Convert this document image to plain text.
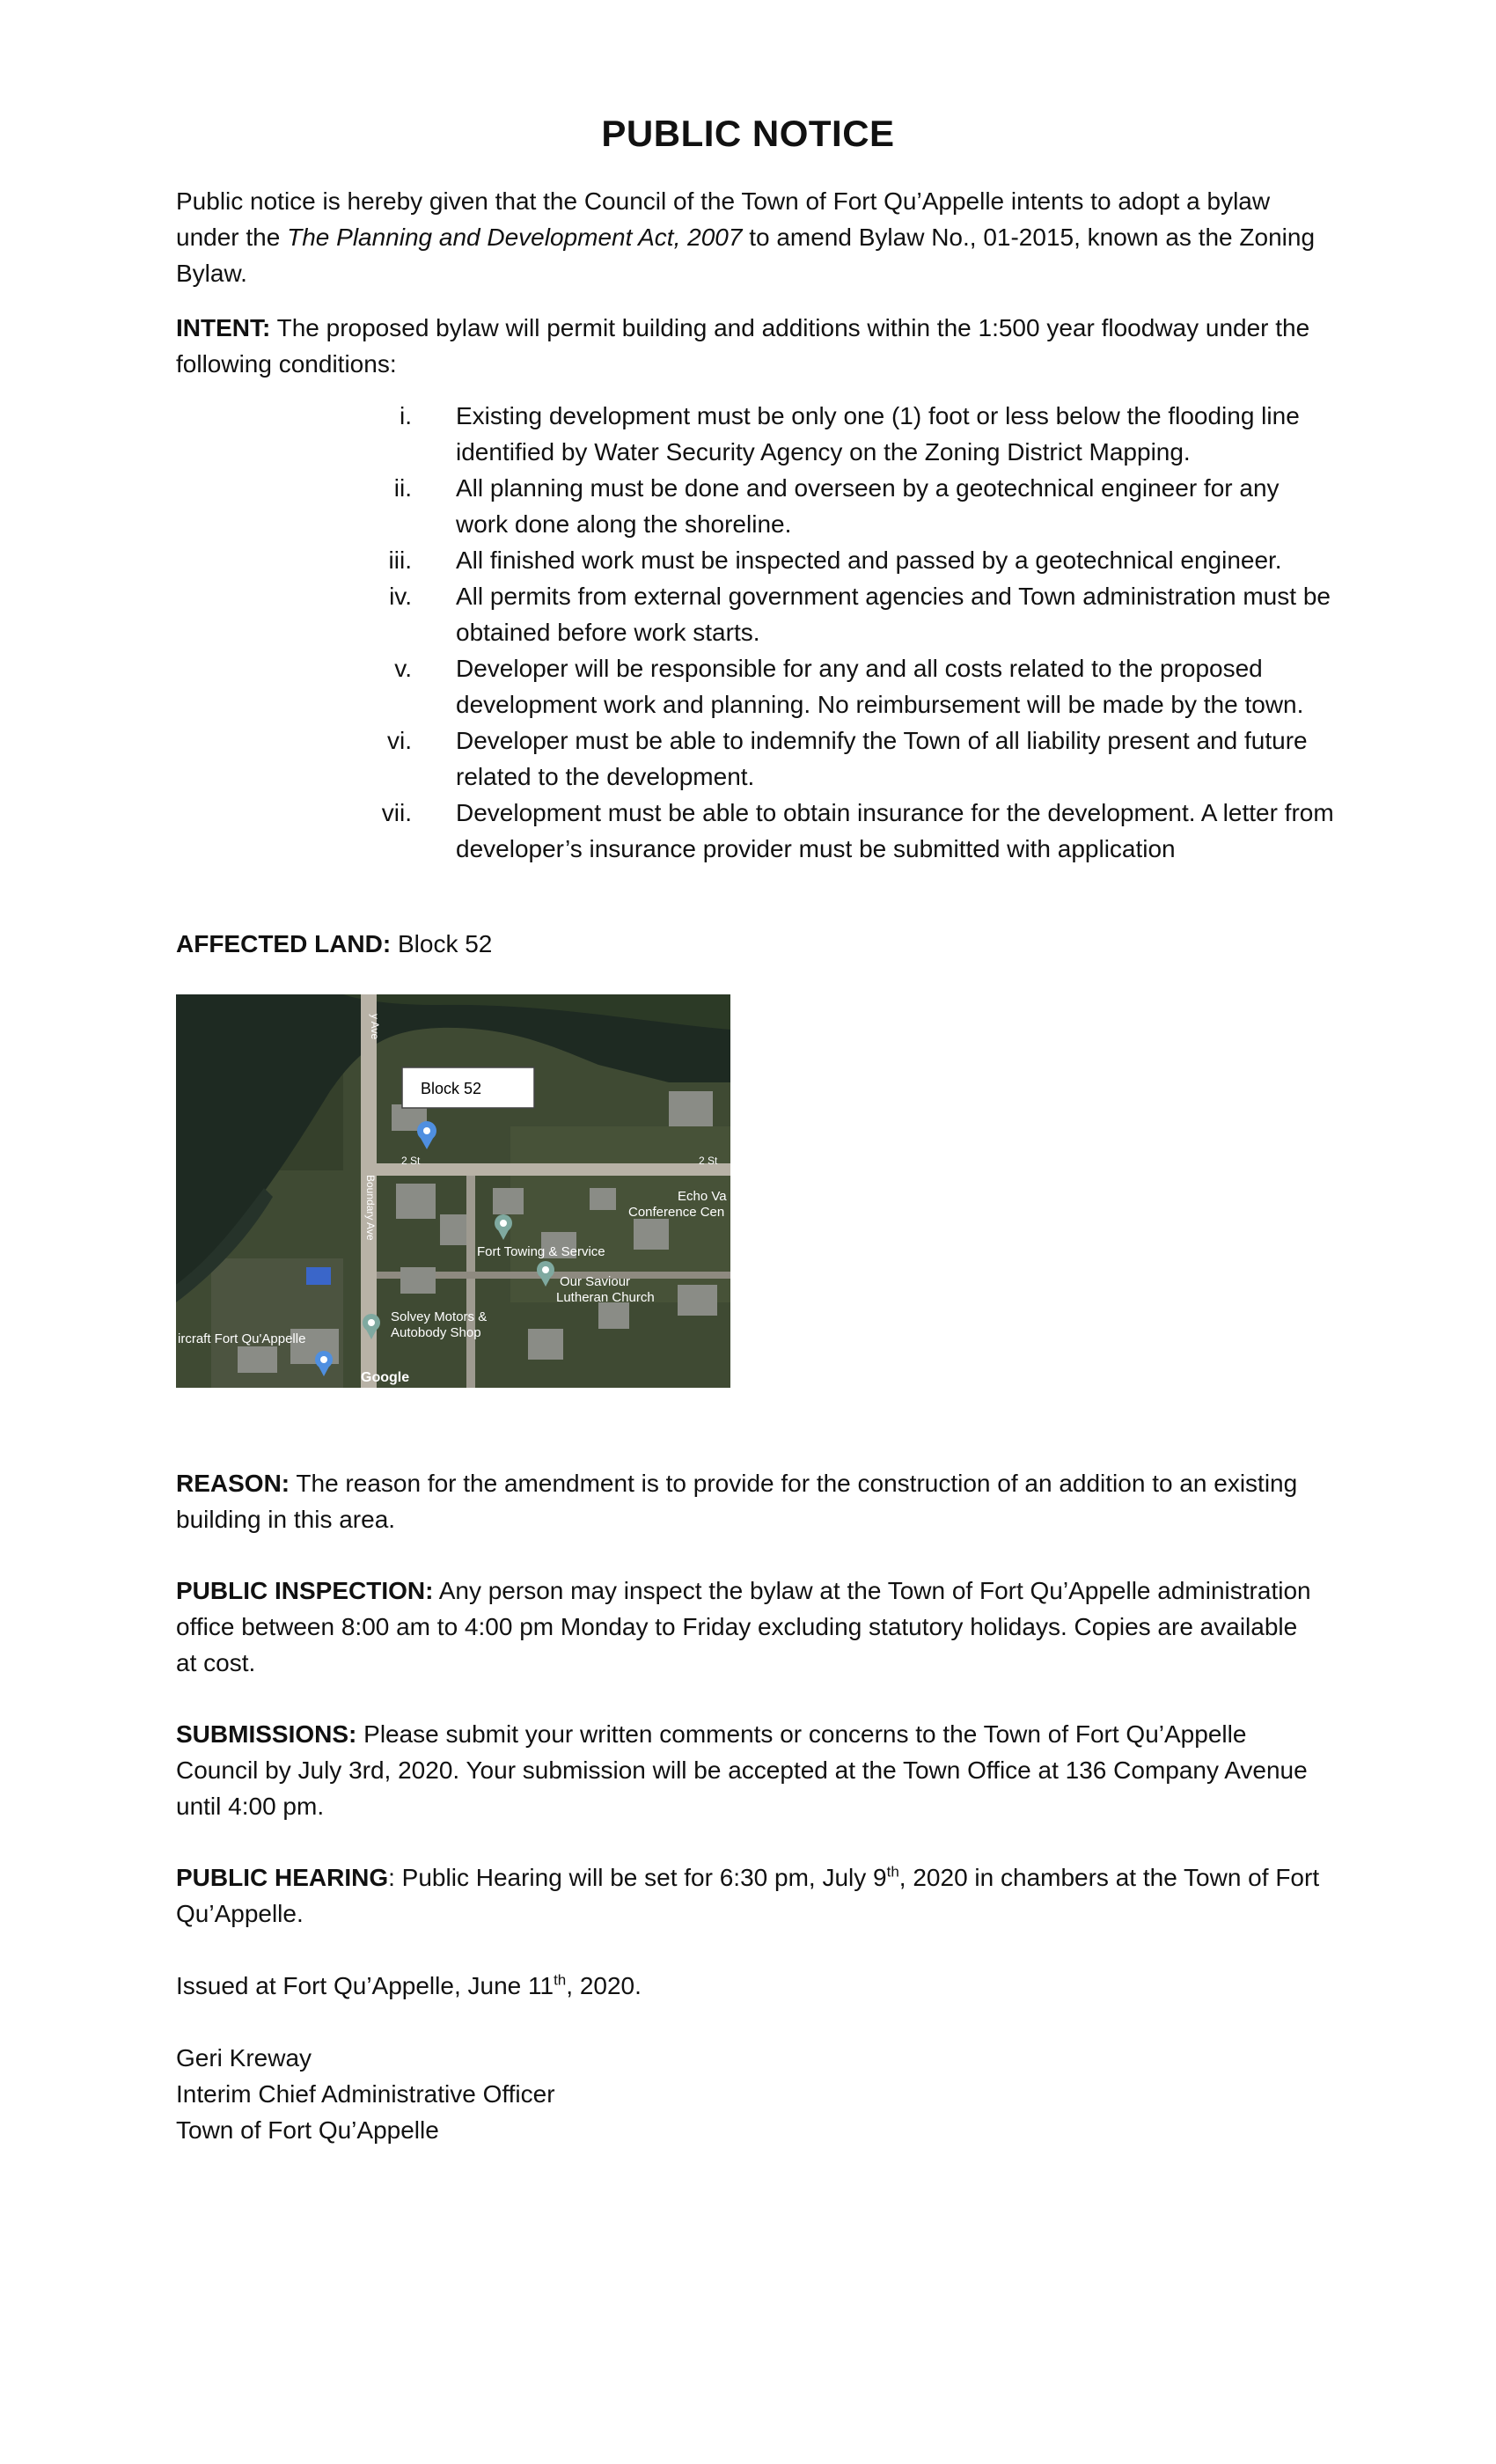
PUBLIC NOTICE

Public notice is hereby given that the Council of the Town of Fort Qu’Appelle intents to adopt a bylaw under the The Planning and Development Act, 2007 to amend Bylaw No., 01-2015, known as the Zoning Bylaw.

INTENT: The proposed bylaw will permit building and additions within the 1:500 year floodway under the following conditions:

i. Existing development must be only one (1) foot or less below the flooding line identified by Water Security Agency on the Zoning District Mapping.
ii. All planning must be done and overseen by a geotechnical engineer for any work done along the shoreline.
iii. All finished work must be inspected and passed by a geotechnical engineer.
iv. All permits from external government agencies and Town administration must be obtained before work starts.
v. Developer will be responsible for any and all costs related to the proposed development work and planning. No reimbursement will be made by the town.
vi. Developer must be able to indemnify the Town of all liability present and future related to the development.
vii. Development must be able to obtain insurance for the development. A letter from developer’s insurance provider must be submitted with application

AFFECTED LAND: Block 52

y Ave
2 St	2 St
Boundary Ave	Echo Va
Conference Cen
Fort Towing & Service
Our Saviour
Lutheran Church
Solvey Motors &
Autobody Shop
ircraft Fort Qu'Appelle
Google
Block 52

REASON: The reason for the amendment is to provide for the construction of an addition to an existing building in this area.

PUBLIC INSPECTION: Any person may inspect the bylaw at the Town of Fort Qu’Appelle administration office between 8:00 am to 4:00 pm Monday to Friday excluding statutory holidays. Copies are available at cost.

SUBMISSIONS: Please submit your written comments or concerns to the Town of Fort Qu’Appelle Council by July 3rd, 2020. Your submission will be accepted at the Town Office at 136 Company Avenue until 4:00 pm.

PUBLIC HEARING: Public Hearing will be set for 6:30 pm, July 9th, 2020 in chambers at the Town of Fort Qu’Appelle.

Issued at Fort Qu’Appelle, June 11th, 2020.

Geri Kreway
Interim Chief Administrative Officer
Town of Fort Qu’Appelle
